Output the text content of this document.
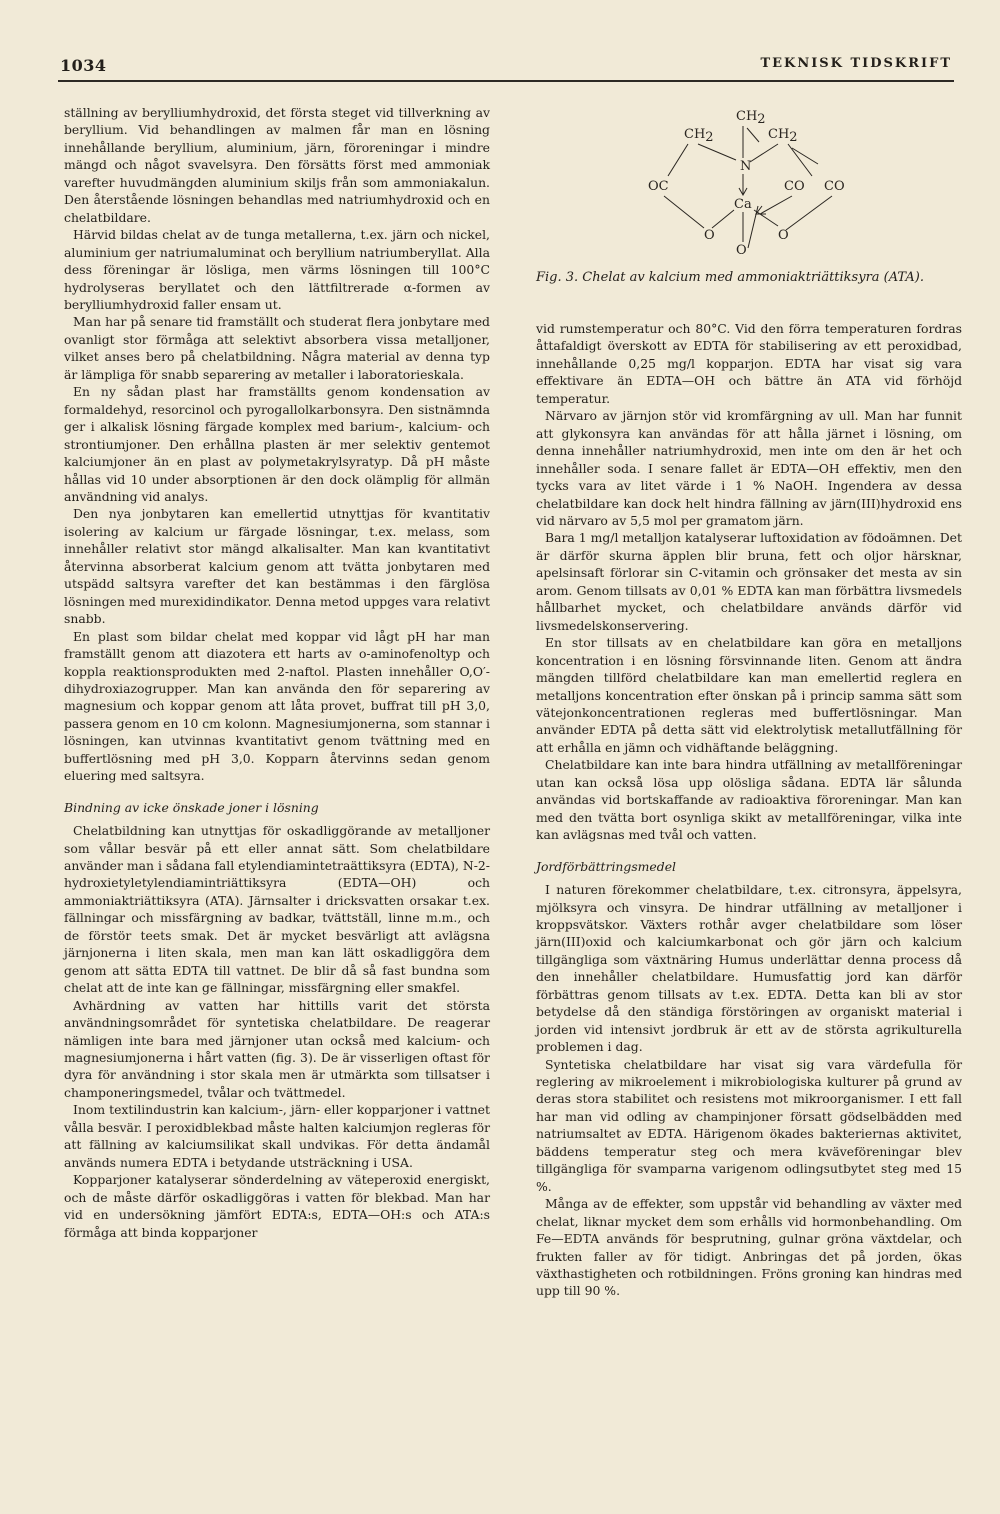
1034	TEKNISK TIDSKRIFT

ställning av berylliumhydroxid, det första steget vid tillverkning av beryllium. Vid behandlingen av malmen får man en lösning innehållande beryllium, aluminium, järn, föroreningar i mindre mängd och något svavelsyra. Den försätts först med ammoniak varefter huvudmängden aluminium skiljs från som ammoniakalun. Den återstående lösningen behandlas med natriumhydroxid och en chelatbildare.

Härvid bildas chelat av de tunga metallerna, t.ex. järn och nickel, aluminium ger natriumaluminat och beryllium natriumberyllat. Alla dess föreningar är lösliga, men värms lösningen till 100°C hydrolyseras beryllatet och den lättfiltrerade α-formen av berylliumhydroxid faller ensam ut.

Man har på senare tid framställt och studerat flera jonbytare med ovanligt stor förmåga att selektivt absorbera vissa metalljoner, vilket anses bero på chelatbildning. Några material av denna typ är lämpliga för snabb separering av metaller i laboratorieskala.

En ny sådan plast har framställts genom kondensation av formaldehyd, resorcinol och pyrogallolkarbonsyra. Den sistnämnda ger i alkalisk lösning färgade komplex med barium-, kalcium- och strontiumjoner. Den erhållna plasten är mer selektiv gentemot kalciumjoner än en plast av polymetakrylsyratyp. Då pH måste hållas vid 10 under absorptionen är den dock olämplig för allmän användning vid analys.

Den nya jonbytaren kan emellertid utnyttjas för kvantitativ isolering av kalcium ur färgade lösningar, t.ex. melass, som innehåller relativt stor mängd alkalisalter. Man kan kvantitativt återvinna absorberat kalcium genom att tvätta jonbytaren med utspädd saltsyra varefter det kan bestämmas i den färglösa lösningen med murexidindikator. Denna metod uppges vara relativt snabb.

En plast som bildar chelat med koppar vid lågt pH har man framställt genom att diazotera ett harts av o-aminofenoltyp och koppla reaktionsprodukten med 2-naftol. Plasten innehåller O,O′-dihydroxiazogrupper. Man kan använda den för separering av magnesium och koppar genom att låta provet, buffrat till pH 3,0, passera genom en 10 cm kolonn. Magnesiumjonerna, som stannar i lösningen, kan utvinnas kvantitativt genom tvättning med en buffertlösning med pH 3,0. Kopparn återvinns sedan genom eluering med saltsyra.

Bindning av icke önskade joner i lösning

Chelatbildning kan utnyttjas för oskadliggörande av metalljoner som vållar besvär på ett eller annat sätt. Som chelatbildare använder man i sådana fall etylendiamintetraättiksyra (EDTA), N-2-hydroxietyletylendiamintriättiksyra (EDTA—OH) och ammoniaktriättiksyra (ATA). Järnsalter i dricksvatten orsakar t.ex. fällningar och missfärgning av badkar, tvättställ, linne m.m., och de förstör teets smak. Det är mycket besvärligt att avlägsna järnjonerna i liten skala, men man kan lätt oskadliggöra dem genom att sätta EDTA till vattnet. De blir då så fast bundna som chelat att de inte kan ge fällningar, missfärgning eller smakfel.

Avhärdning av vatten har hittills varit det största användningsområdet för syntetiska chelatbildare. De reagerar nämligen inte bara med järnjoner utan också med kalcium- och magnesiumjonerna i hårt vatten (fig. 3). De är visserligen oftast för dyra för användning i stor skala men är utmärkta som tillsatser i champoneringsmedel, tvålar och tvättmedel.

Inom textilindustrin kan kalcium-, järn- eller kopparjoner i vattnet vålla besvär. I peroxidblekbad måste halten kalciumjon regleras för att fällning av kalciumsilikat skall undvikas. För detta ändamål används numera EDTA i betydande utsträckning i USA.

Kopparjoner katalyserar sönderdelning av väteperoxid energiskt, och de måste därför oskadliggöras i vatten för blekbad. Man har vid en undersökning jämfört EDTA:s, EDTA—OH:s och ATA:s förmåga att binda kopparjoner

CH2
CH2	CH2
N
OC	CO CO
Ca
O
O
O
Fig. 3. Chelat av kalcium med ammoniaktriättiksyra (ATA).

vid rumstemperatur och 80°C. Vid den förra temperaturen fordras åttafaldigt överskott av EDTA för stabilisering av ett peroxidbad, innehållande 0,25 mg/l kopparjon. EDTA har visat sig vara effektivare än EDTA—OH och bättre än ATA vid förhöjd temperatur.

Närvaro av järnjon stör vid kromfärgning av ull. Man har funnit att glykonsyra kan användas för att hålla järnet i lösning, om denna innehåller natriumhydroxid, men inte om den är het och innehåller soda. I senare fallet är EDTA—OH effektiv, men den tycks vara av litet värde i 1 % NaOH. Ingendera av dessa chelatbildare kan dock helt hindra fällning av järn(III)hydroxid ens vid närvaro av 5,5 mol per gramatom järn.

Bara 1 mg/l metalljon katalyserar luftoxidation av födoämnen. Det är därför skurna äpplen blir bruna, fett och oljor härsknar, apelsinsaft förlorar sin C-vitamin och grönsaker det mesta av sin arom. Genom tillsats av 0,01 % EDTA kan man förbättra livsmedels hållbarhet mycket, och chelatbildare används därför vid livsmedelskonservering.

En stor tillsats av en chelatbildare kan göra en metalljons koncentration i en lösning försvinnande liten. Genom att ändra mängden tillförd chelatbildare kan man emellertid reglera en metalljons koncentration efter önskan på i princip samma sätt som vätejonkoncentrationen regleras med buffertlösningar. Man använder EDTA på detta sätt vid elektrolytisk metallutfällning för att erhålla en jämn och vidhäftande beläggning.

Chelatbildare kan inte bara hindra utfällning av metallföreningar utan kan också lösa upp olösliga sådana. EDTA lär sålunda användas vid bortskaffande av radioaktiva föroreningar. Man kan med den tvätta bort osynliga skikt av metallföreningar, vilka inte kan avlägsnas med tvål och vatten.

Jordförbättringsmedel

I naturen förekommer chelatbildare, t.ex. citronsyra, äppelsyra, mjölksyra och vinsyra. De hindrar utfällning av metalljoner i kroppsvätskor. Växters rothår avger chelatbildare som löser järn(III)oxid och kalciumkarbonat och gör järn och kalcium tillgängliga som växtnäring Humus underlättar denna process då den innehåller chelatbildare. Humusfattig jord kan därför förbättras genom tillsats av t.ex. EDTA. Detta kan bli av stor betydelse då den ständiga förstöringen av organiskt material i jorden vid intensivt jordbruk är ett av de största agrikulturella problemen i dag.

Syntetiska chelatbildare har visat sig vara värdefulla för reglering av mikroelement i mikrobiologiska kulturer på grund av deras stora stabilitet och resistens mot mikroorganismer. I ett fall har man vid odling av champinjoner försatt gödselbädden med natriumsaltet av EDTA. Härigenom ökades bakteriernas aktivitet, bäddens temperatur steg och mera kväveföreningar blev tillgängliga för svamparna varigenom odlingsutbytet steg med 15 %.

Många av de effekter, som uppstår vid behandling av växter med chelat, liknar mycket dem som erhålls vid hormonbehandling. Om Fe—EDTA används för besprutning, gulnar gröna växtdelar, och frukten faller av för tidigt. Anbringas det på jorden, ökas växthastigheten och rotbildningen. Fröns groning kan hindras med upp till 90 %.
